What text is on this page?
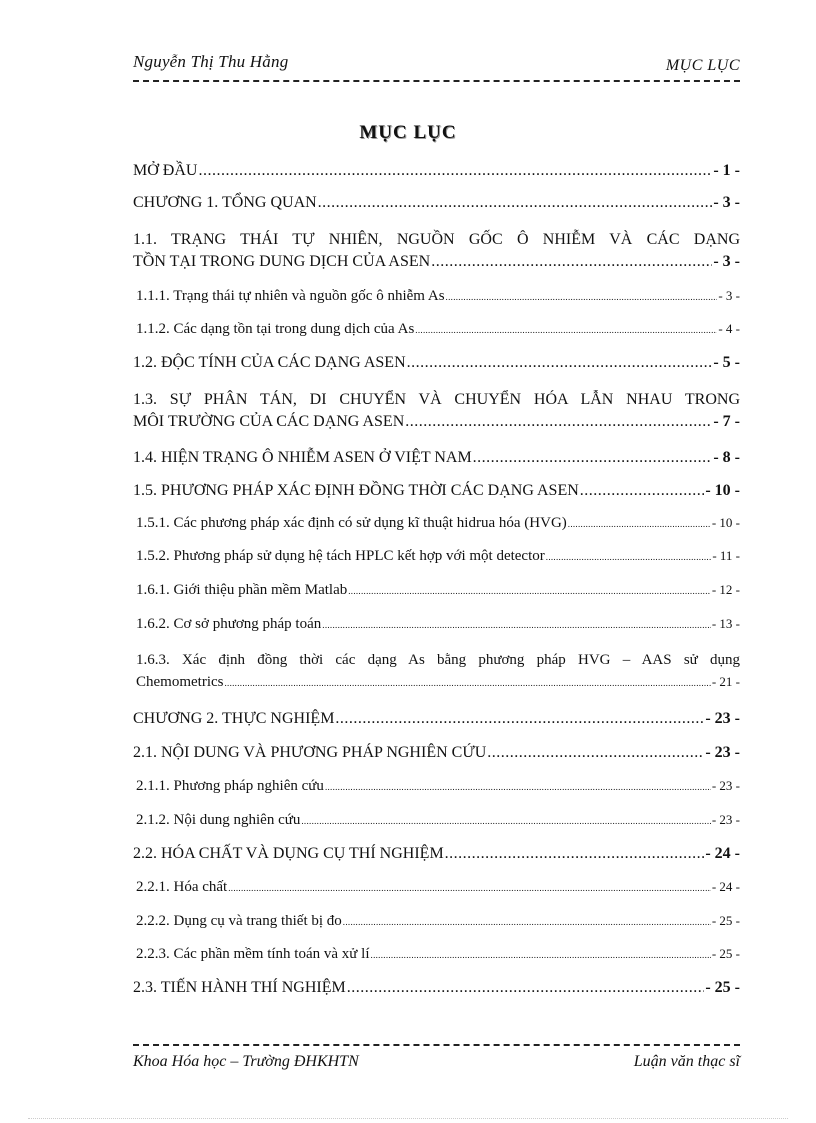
Nguyễn Thị Thu Hằng	MỤC LỤC
MỤC LỤC
MỞ ĐẦU .....	- 1 -
CHƯƠNG 1. TỔNG QUAN .....	- 3 -
1.1. TRẠNG THÁI TỰ NHIÊN, NGUỒN GỐC Ô NHIỄM VÀ CÁC DẠNG
TỒN TẠI TRONG DUNG DỊCH CỦA ASEN .....	- 3 -
1.1.1. Trạng thái tự nhiên và nguồn gốc ô nhiễm As .....	- 3 -
1.1.2. Các dạng tồn tại trong dung dịch của As .....	- 4 -
1.2. ĐỘC TÍNH CỦA CÁC DẠNG ASEN .....	- 5 -
1.3. SỰ PHÂN TÁN, DI CHUYỂN VÀ CHUYỂN HÓA LẪN NHAU TRONG
MÔI TRƯỜNG CỦA CÁC DẠNG ASEN .....	- 7 -
1.4. HIỆN TRẠNG Ô NHIỄM ASEN Ở VIỆT NAM .....	- 8 -
1.5. PHƯƠNG PHÁP XÁC ĐỊNH ĐỒNG THỜI CÁC DẠNG ASEN .....	- 10 -
1.5.1. Các phương pháp xác định có sử dụng kĩ thuật hidrua hóa (HVG) .....	- 10 -
1.5.2. Phương pháp sử dụng hệ tách HPLC kết hợp với một detector .....	- 11 -
1.6.1. Giới thiệu phần mềm Matlab .....	- 12 -
1.6.2. Cơ sở phương pháp toán .....	- 13 -
1.6.3. Xác định đồng thời các dạng As bằng phương pháp HVG – AAS sử dụng
Chemometrics .....	- 21 -
CHƯƠNG 2. THỰC NGHIỆM .....	- 23 -
2.1. NỘI DUNG VÀ PHƯƠNG PHÁP NGHIÊN CỨU .....	- 23 -
2.1.1. Phương pháp nghiên cứu .....	- 23 -
2.1.2. Nội dung nghiên cứu .....	- 23 -
2.2. HÓA CHẤT VÀ DỤNG CỤ THÍ NGHIỆM .....	- 24 -
2.2.1. Hóa chất .....	- 24 -
2.2.2. Dụng cụ và trang thiết bị đo .....	- 25 -
2.2.3. Các phần mềm tính toán và xử lí .....	- 25 -
2.3. TIẾN HÀNH THÍ NGHIỆM .....	- 25 -
Khoa Hóa học – Trường ĐHKHTN	Luận văn thạc sĩ
